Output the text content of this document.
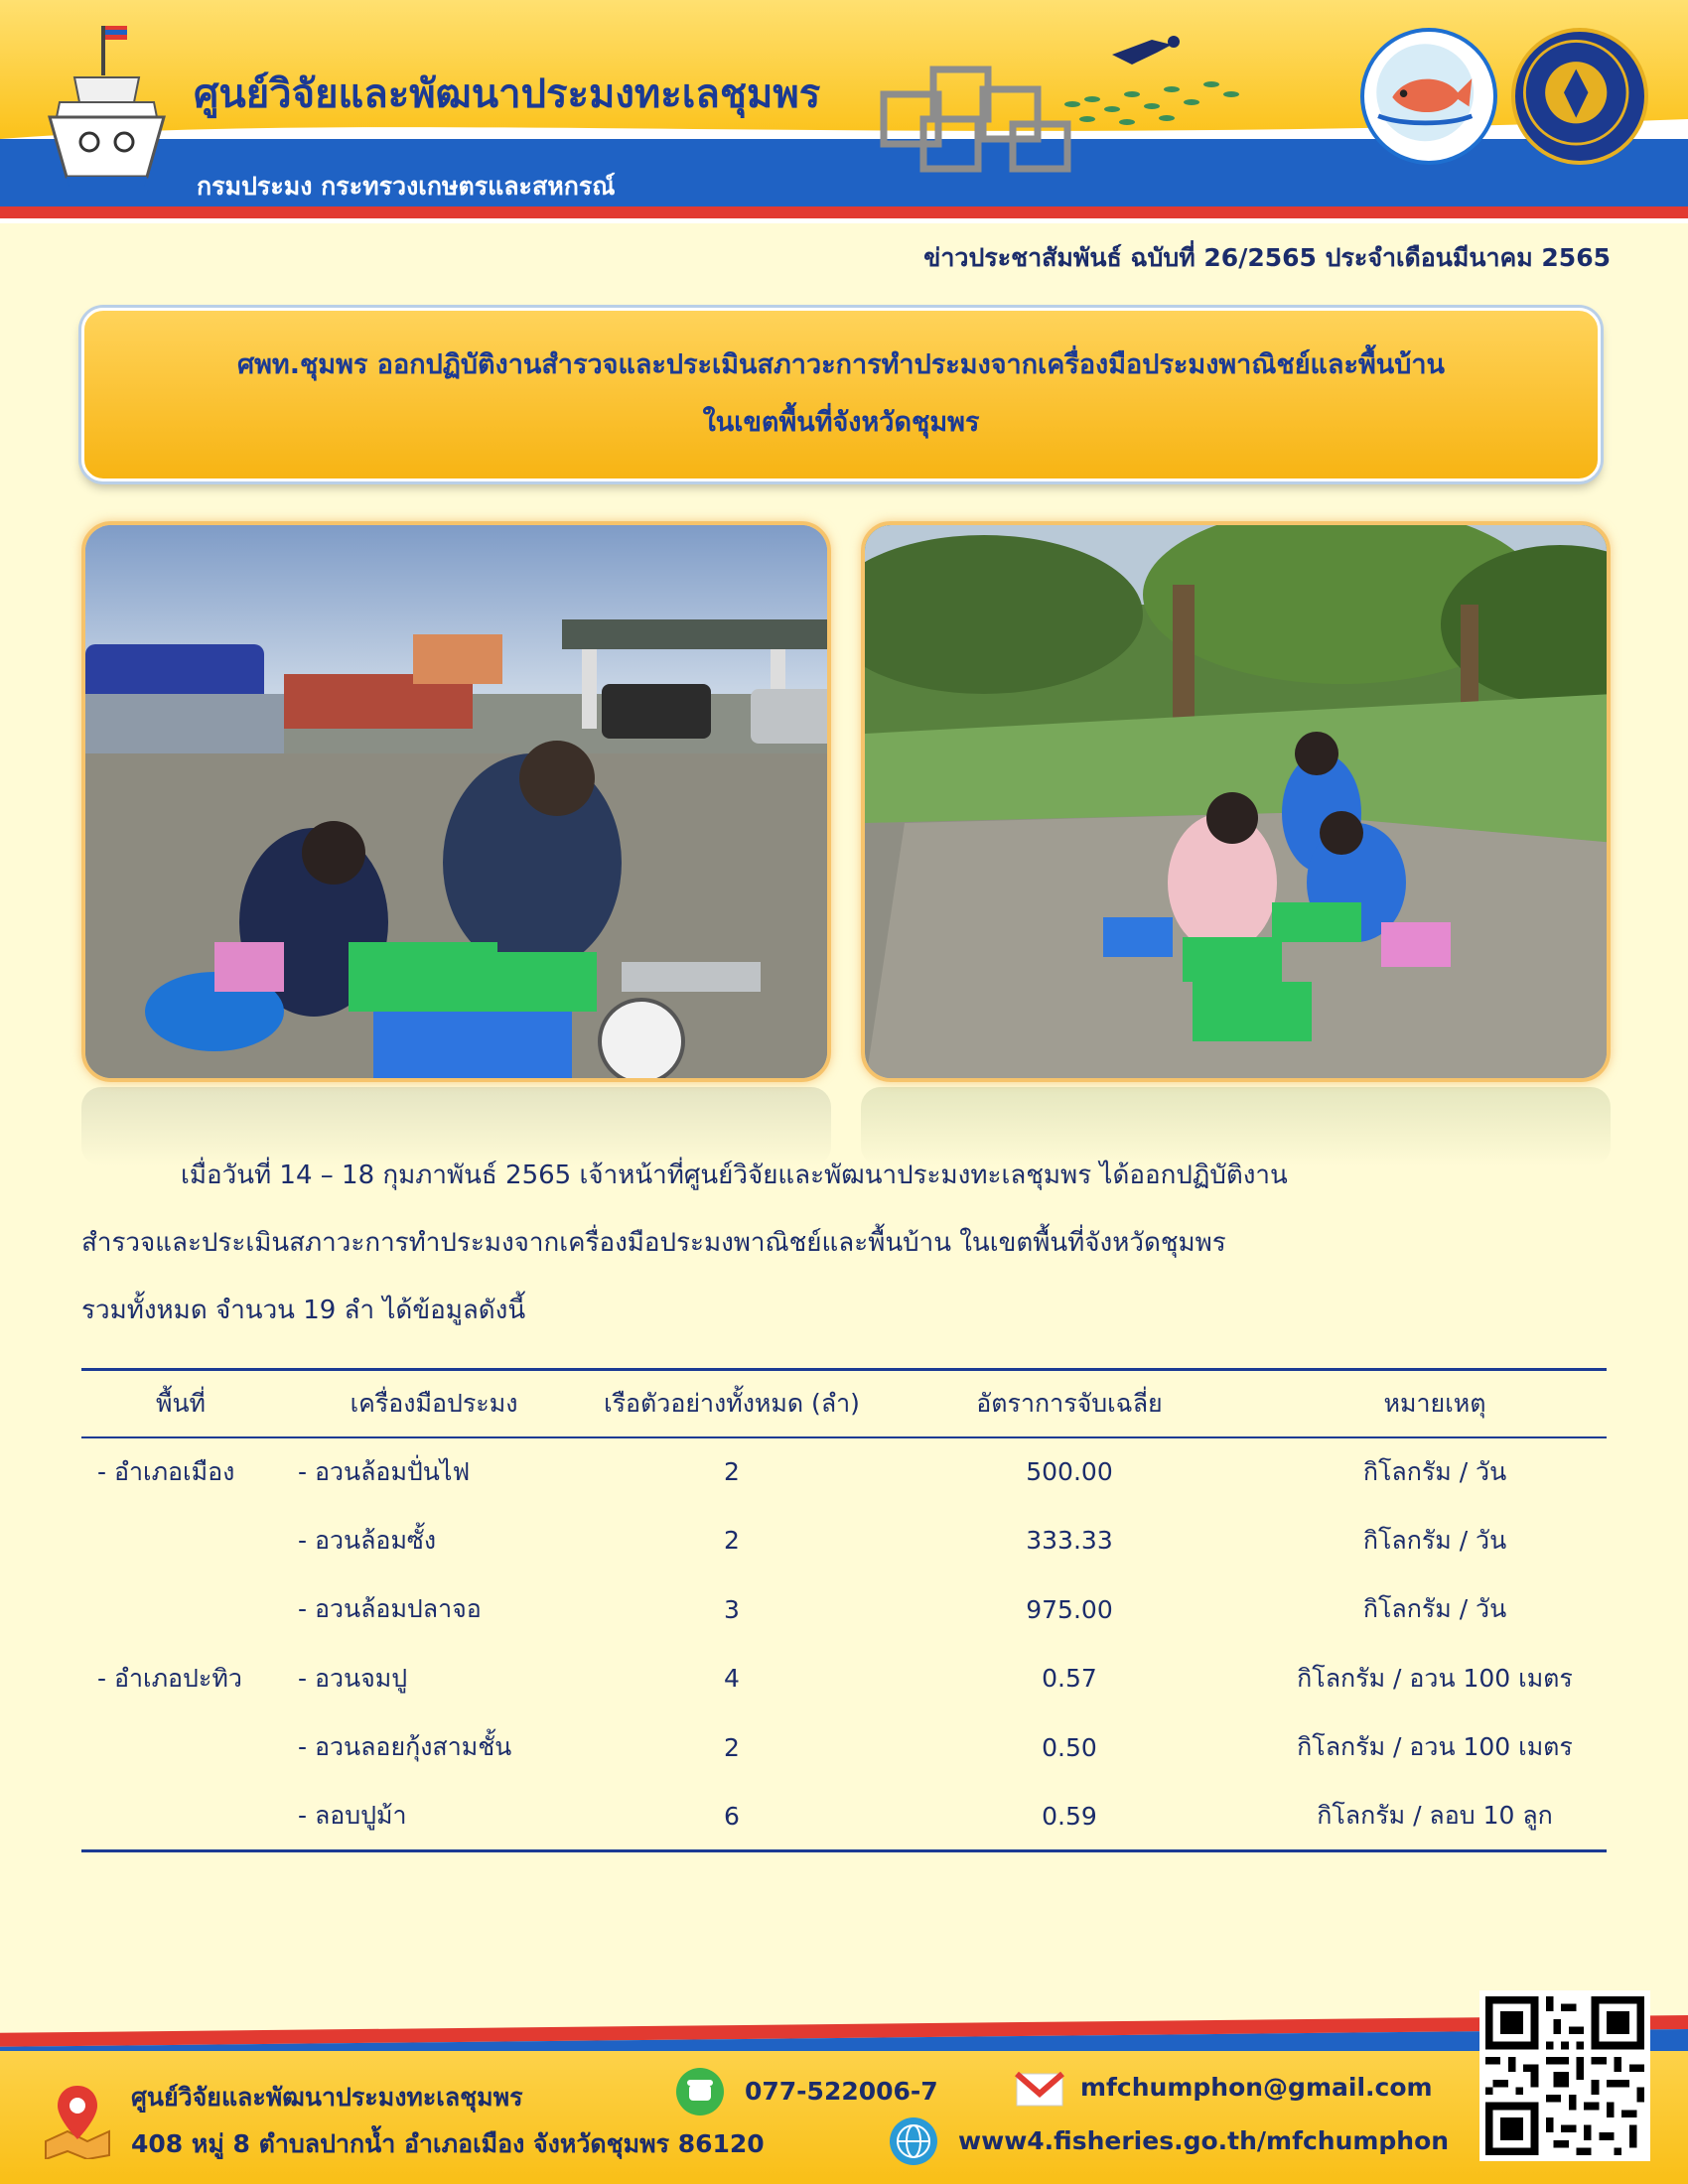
ศูนย์วิจัยและพัฒนาประมงทะเลชุมพร
กรมประมง กระทรวงเกษตรและสหกรณ์
ข่าวประชาสัมพันธ์ ฉบับที่ 26/2565 ประจำเดือนมีนาคม 2565
ศพท.ชุมพร ออกปฏิบัติงานสำรวจและประเมินสภาวะการทำประมงจากเครื่องมือประมงพาณิชย์และพื้นบ้าน
ในเขตพื้นที่จังหวัดชุมพร
เมื่อวันที่ 14 – 18 กุมภาพันธ์ 2565 เจ้าหน้าที่ศูนย์วิจัยและพัฒนาประมงทะเลชุมพร ได้ออกปฏิบัติงาน
สำรวจและประเมินสภาวะการทำประมงจากเครื่องมือประมงพาณิชย์และพื้นบ้าน ในเขตพื้นที่จังหวัดชุมพร
รวมทั้งหมด จำนวน 19 ลำ ได้ข้อมูลดังนี้
พื้นที่	เครื่องมือประมง	เรือตัวอย่างทั้งหมด (ลำ)	อัตราการจับเฉลี่ย	หมายเหตุ
- อำเภอเมือง	- อวนล้อมปั่นไฟ	2	500.00	กิโลกรัม / วัน
	- อวนล้อมซั้ง	2	333.33	กิโลกรัม / วัน
	- อวนล้อมปลาจอ	3	975.00	กิโลกรัม / วัน
- อำเภอปะทิว	- อวนจมปู	4	0.57	กิโลกรัม / อวน 100 เมตร
	- อวนลอยกุ้งสามชั้น	2	0.50	กิโลกรัม / อวน 100 เมตร
	- ลอบปูม้า	6	0.59	กิโลกรัม / ลอบ 10 ลูก
ศูนย์วิจัยและพัฒนาประมงทะเลชุมพร
408 หมู่ 8 ตำบลปากน้ำ อำเภอเมือง จังหวัดชุมพร 86120
077-522006-7	mfchumphon@gmail.com
www4.fisheries.go.th/mfchumphon
